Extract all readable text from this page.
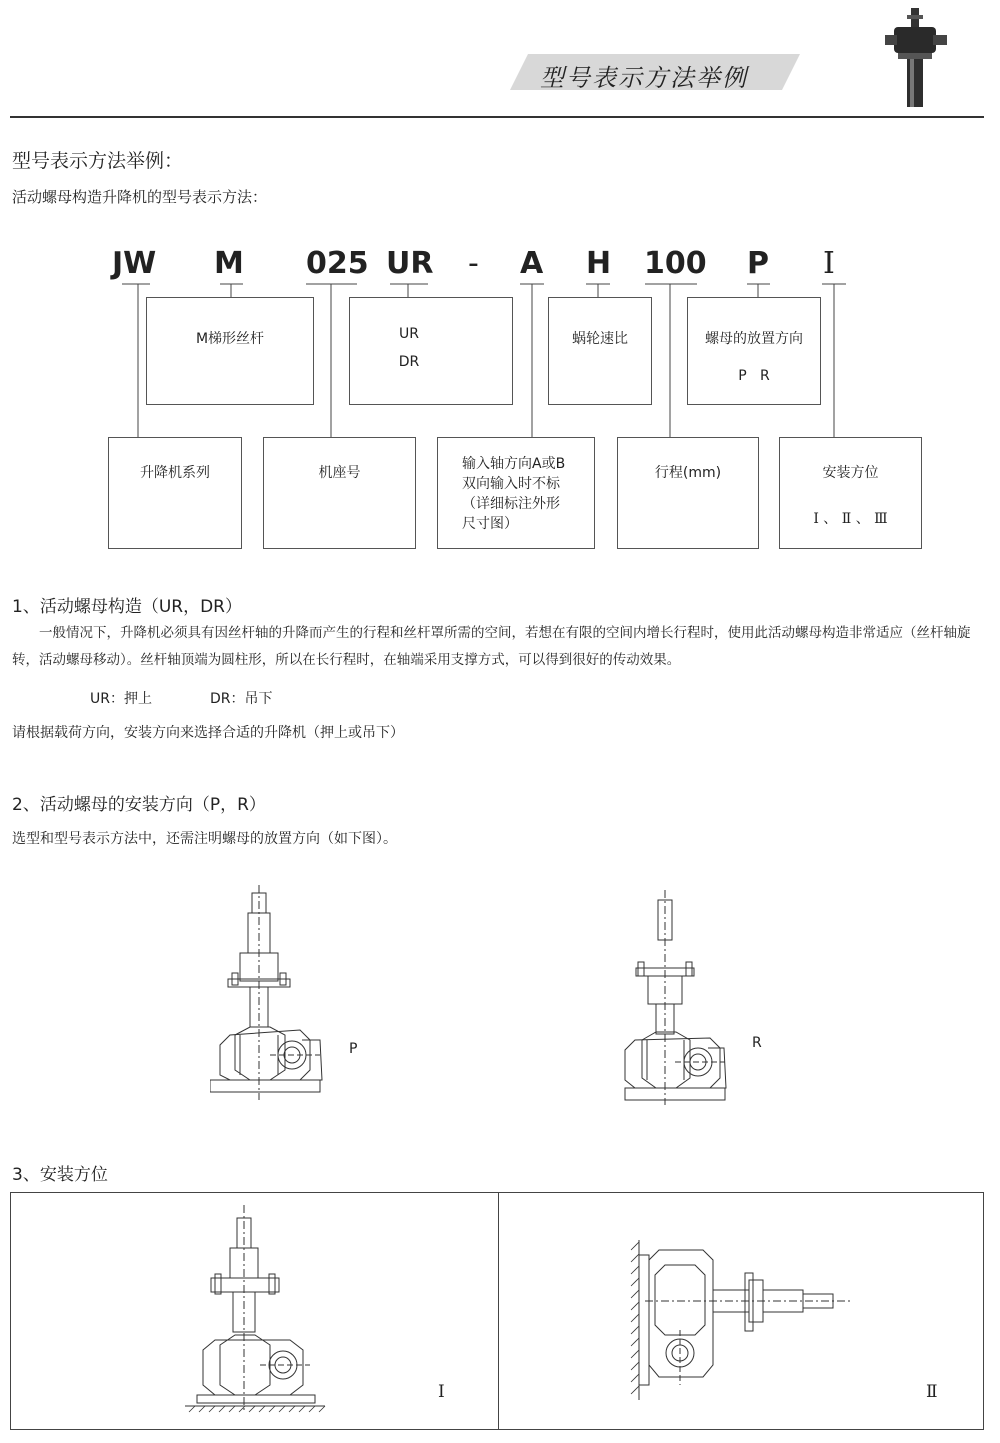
型号表示方法举例
型号表示方法举例：
活动螺母构造升降机的型号表示方法：
JW M 025 UR - A H 100 P I
M梯形丝杆	UR
DR
蜗轮速比	螺母的放置方向
P   R
升降机系列	机座号
输入轴方向A或B
双向输入时不标
（详细标注外形
尺寸图）
行程(mm)	安装方位
Ⅰ 、 Ⅱ 、 Ⅲ
1、活动螺母构造（UR，DR）
　　一般情况下，升降机必须具有因丝杆轴的升降而产生的行程和丝杆罩所需的空间，若想在有限的空间内增长行程时，使用此活动螺母构造非常适应（丝杆轴旋转，活动螺母移动）。丝杆轴顶端为圆柱形，所以在长行程时，在轴端采用支撑方式，可以得到很好的传动效果。
UR：押上	DR：吊下
请根据载荷方向，安装方向来选择合适的升降机（押上或吊下）
2、活动螺母的安装方向（P，R）
选型和型号表示方法中，还需注明螺母的放置方向（如下图）。
P	R
3、安装方位
Ⅰ	Ⅱ
